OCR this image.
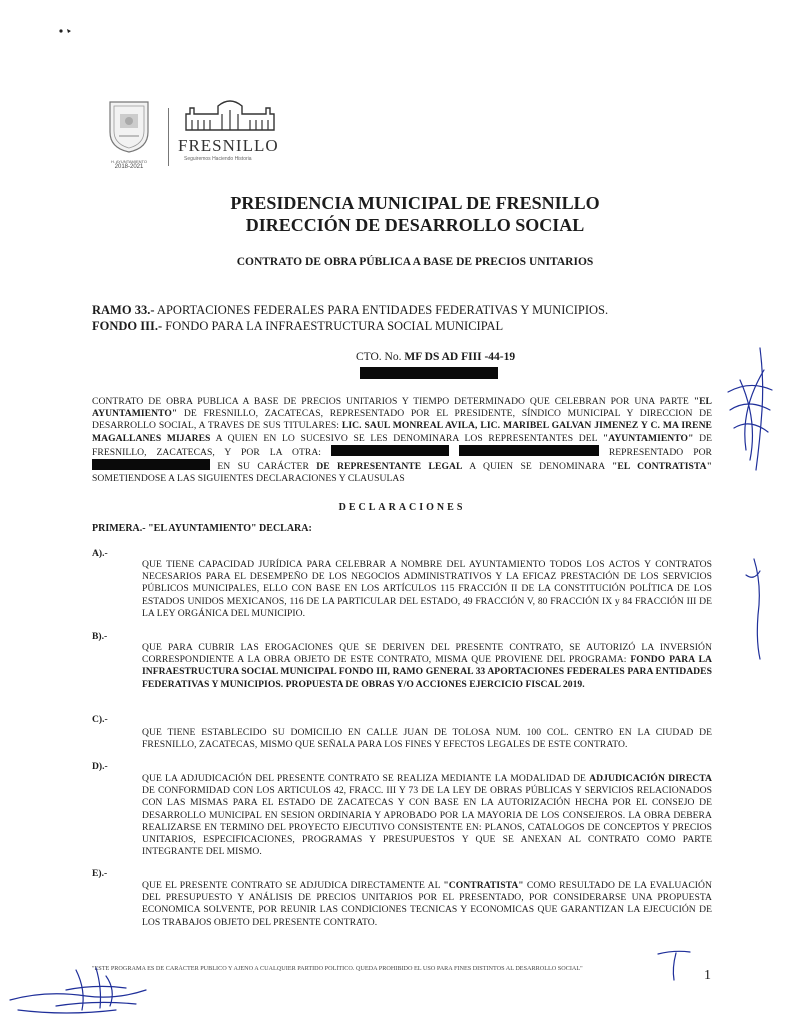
H. AYUNTAMIENTO
2018-2021
FRESNILLO
Seguiremos Haciendo Historia
PRESIDENCIA MUNICIPAL DE FRESNILLO
DIRECCIÓN DE DESARROLLO SOCIAL
CONTRATO DE OBRA PÚBLICA A BASE DE PRECIOS UNITARIOS
RAMO 33.- APORTACIONES FEDERALES PARA ENTIDADES FEDERATIVAS Y MUNICIPIOS.
FONDO III.- FONDO PARA LA INFRAESTRUCTURA SOCIAL MUNICIPAL
CTO. No. MF DS AD FIII -44-19
CONTRATO DE OBRA PUBLICA A BASE DE PRECIOS UNITARIOS Y TIEMPO DETERMINADO QUE CELEBRAN POR UNA PARTE "EL AYUNTAMIENTO" DE FRESNILLO, ZACATECAS, REPRESENTADO POR EL PRESIDENTE, SÍNDICO MUNICIPAL Y DIRECCION DE DESARROLLO SOCIAL, A TRAVES DE SUS TITULARES: LIC. SAUL MONREAL AVILA, LIC. MARIBEL GALVAN JIMENEZ Y C. MA IRENE MAGALLANES MIJARES A QUIEN EN LO SUCESIVO SE LES DENOMINARA LOS REPRESENTANTES DEL "AYUNTAMIENTO" DE FRESNILLO, ZACATECAS, Y POR LA OTRA:	REPRESENTADO POR  EN SU CARÁCTER DE REPRESENTANTE LEGAL A QUIEN SE DENOMINARA "EL CONTRATISTA" SOMETIENDOSE A LAS SIGUIENTES DECLARACIONES Y CLAUSULAS
DECLARACIONES
PRIMERA.- "EL AYUNTAMIENTO" DECLARA:
A).-
QUE TIENE CAPACIDAD JURÍDICA PARA CELEBRAR A NOMBRE DEL AYUNTAMIENTO TODOS LOS ACTOS Y CONTRATOS NECESARIOS PARA EL DESEMPEÑO DE LOS NEGOCIOS ADMINISTRATIVOS Y LA EFICAZ PRESTACIÓN DE LOS SERVICIOS PÚBLICOS MUNICIPALES, ELLO CON BASE EN LOS ARTÍCULOS 115 FRACCIÓN II DE LA CONSTITUCIÓN POLÍTICA DE LOS ESTADOS UNIDOS MEXICANOS, 116 DE LA PARTICULAR DEL ESTADO, 49 FRACCIÓN V, 80 FRACCIÓN IX y 84 FRACCIÓN III DE LA LEY ORGÁNICA DEL MUNICIPIO.
B).-
QUE PARA CUBRIR LAS EROGACIONES QUE SE DERIVEN DEL PRESENTE CONTRATO, SE AUTORIZÓ LA INVERSIÓN CORRESPONDIENTE A LA OBRA OBJETO DE ESTE CONTRATO, MISMA QUE PROVIENE DEL PROGRAMA: FONDO PARA LA INFRAESTRUCTURA SOCIAL MUNICIPAL FONDO III, RAMO GENERAL 33 APORTACIONES FEDERALES PARA ENTIDADES FEDERATIVAS Y MUNICIPIOS. PROPUESTA DE OBRAS Y/O ACCIONES EJERCICIO FISCAL 2019.
C).-
QUE TIENE ESTABLECIDO SU DOMICILIO EN CALLE JUAN DE TOLOSA NUM. 100 COL. CENTRO EN LA CIUDAD DE FRESNILLO, ZACATECAS, MISMO QUE SEÑALA PARA LOS FINES Y EFECTOS LEGALES DE ESTE CONTRATO.
D).-
QUE LA ADJUDICACIÓN DEL PRESENTE CONTRATO SE REALIZA MEDIANTE LA MODALIDAD DE ADJUDICACIÓN DIRECTA DE CONFORMIDAD CON LOS ARTICULOS 42, FRACC. III Y 73 DE LA LEY DE OBRAS PÚBLICAS Y SERVICIOS RELACIONADOS CON LAS MISMAS PARA EL ESTADO DE ZACATECAS Y CON BASE EN LA AUTORIZACIÓN HECHA POR EL CONSEJO DE DESARROLLO MUNICIPAL EN SESION ORDINARIA Y APROBADO POR LA MAYORIA DE LOS CONSEJEROS. LA OBRA DEBERA REALIZARSE EN TERMINO DEL PROYECTO EJECUTIVO CONSISTENTE EN: PLANOS, CATALOGOS DE CONCEPTOS Y PRECIOS UNITARIOS, ESPECIFICACIONES, PROGRAMAS Y PRESUPUESTOS Y QUE SE ANEXAN AL CONTRATO COMO PARTE INTEGRANTE DEL MISMO.
E).-
QUE EL PRESENTE CONTRATO SE ADJUDICA DIRECTAMENTE AL "CONTRATISTA" COMO RESULTADO DE LA EVALUACIÓN DEL PRESUPUESTO Y ANÁLISIS DE PRECIOS UNITARIOS POR EL PRESENTADO, POR CONSIDERARSE UNA PROPUESTA ECONOMICA SOLVENTE, POR REUNIR LAS CONDICIONES TECNICAS Y ECONOMICAS QUE GARANTIZAN LA EJECUCIÓN DE LOS TRABAJOS OBJETO DEL PRESENTE CONTRATO.
"ESTE PROGRAMA ES DE CARÁCTER PUBLICO Y AJENO A CUALQUIER PARTIDO POLÍTICO. QUEDA PROHIBIDO EL USO PARA FINES DISTINTOS AL DESARROLLO SOCIAL"	1
